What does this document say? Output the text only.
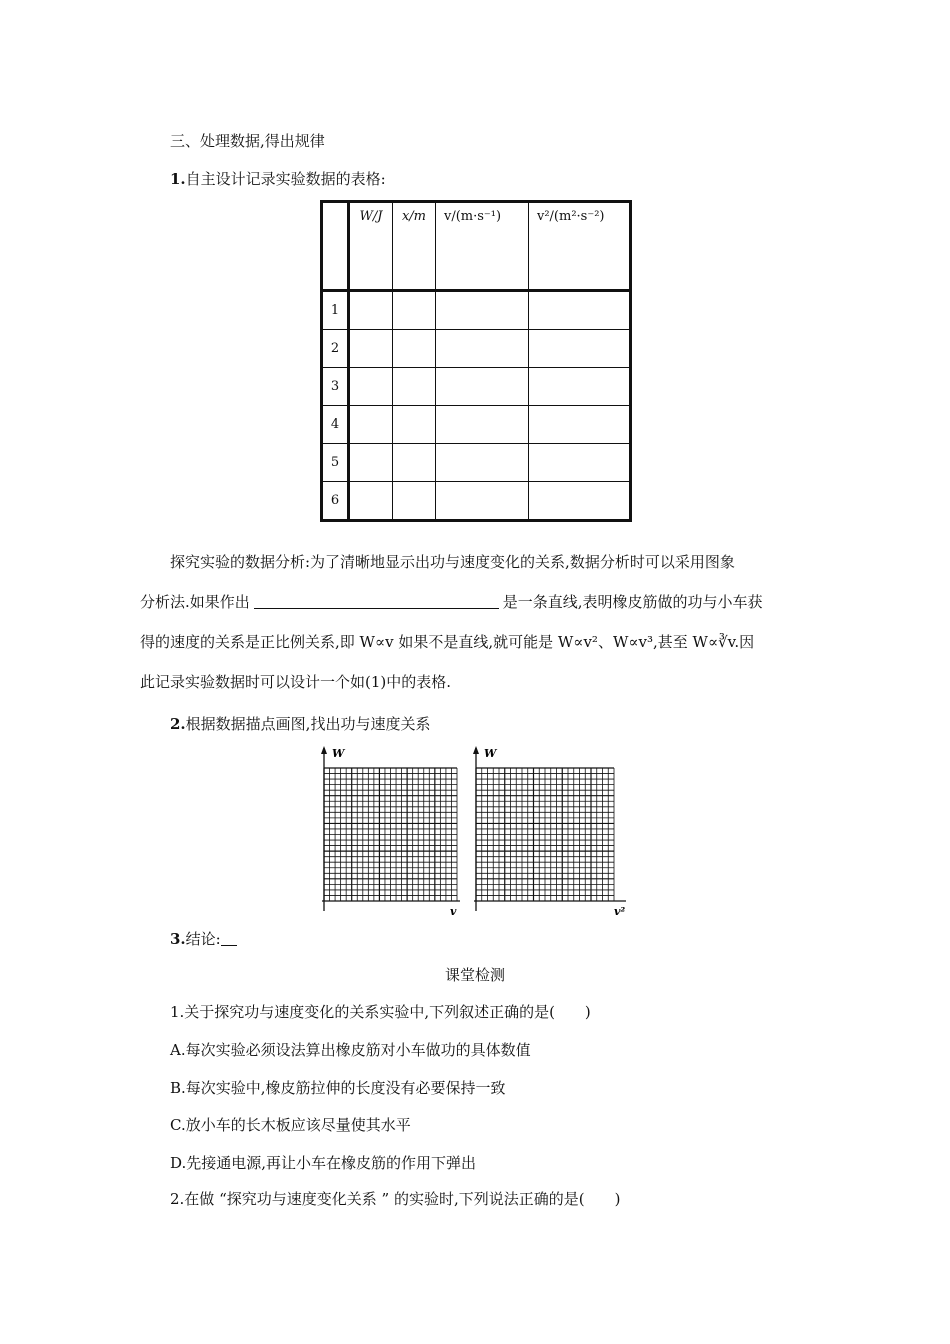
三、处理数据,得出规律
1.自主设计记录实验数据的表格:
	W/J	x/m	v/(m·s⁻¹)	v²/(m²·s⁻²)
1				
2				
3				
4				
5				
6				
探究实验的数据分析:为了清晰地显示出功与速度变化的关系,数据分析时可以采用图象
分析法.如果作出	是一条直线,表明橡皮筋做的功与小车获
得的速度的关系是正比例关系,即 W∝v 如果不是直线,就可能是 W∝v²、W∝v³,甚至 W∝∛v.因
此记录实验数据时可以设计一个如(1)中的表格.
2.根据数据描点画图,找出功与速度关系
W
v
W
v²
3.结论:
课堂检测
1.关于探究功与速度变化的关系实验中,下列叙述正确的是(　　)
A.每次实验必须设法算出橡皮筋对小车做功的具体数值
B.每次实验中,橡皮筋拉伸的长度没有必要保持一致
C.放小车的长木板应该尽量使其水平
D.先接通电源,再让小车在橡皮筋的作用下弹出
2.在做 “探究功与速度变化关系 ” 的实验时,下列说法正确的是(　　)
